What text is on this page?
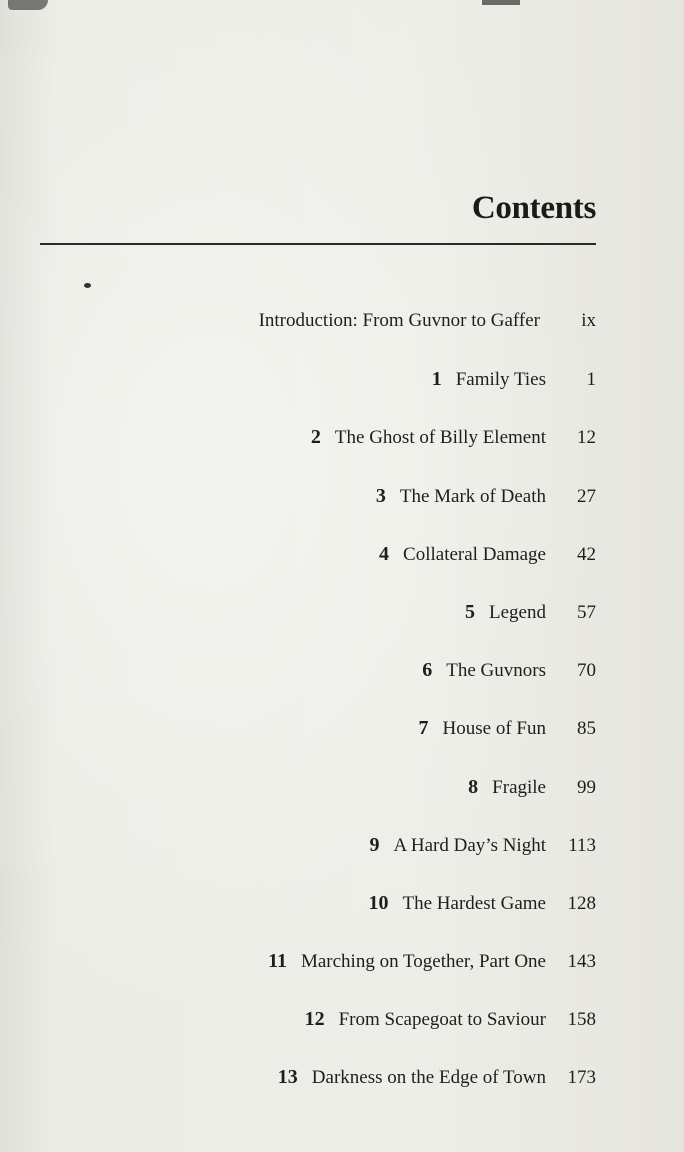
Contents
Introduction: From Guvnor to Gaffer	ix
1 Family Ties	1
2 The Ghost of Billy Element	12
3 The Mark of Death	27
4 Collateral Damage	42
5 Legend	57
6 The Guvnors	70
7 House of Fun	85
8 Fragile	99
9 A Hard Day’s Night	113
10 The Hardest Game	128
11 Marching on Together, Part One	143
12 From Scapegoat to Saviour	158
13 Darkness on the Edge of Town	173
